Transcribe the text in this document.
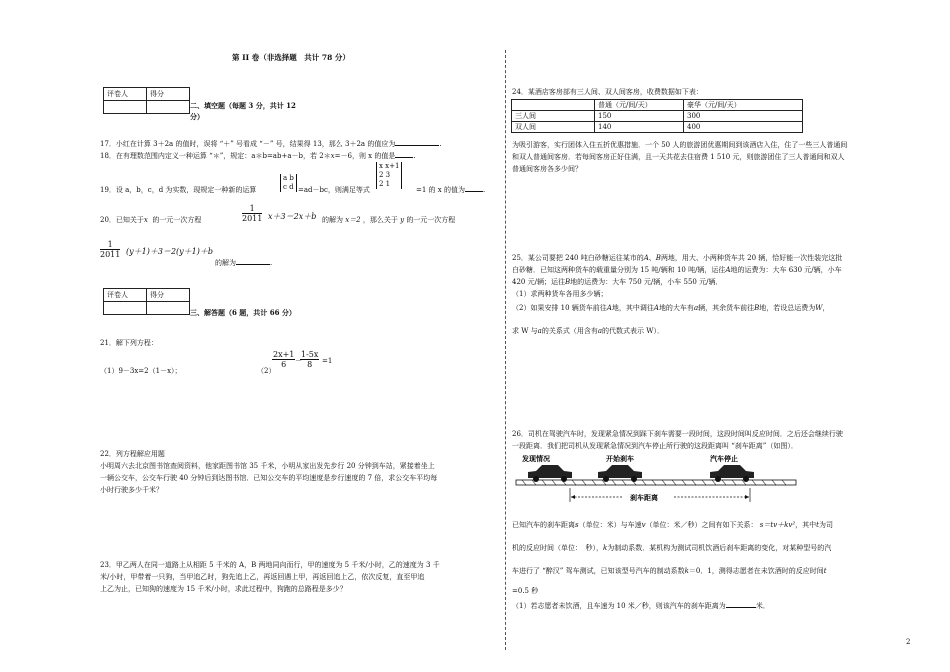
第 II 卷（非选择题　共计 78 分）
评卷人	得分

二、填空题（每题 3 分，共计 12
分）
17．小红在计算 3＋2a 的值时，误将 “＋” 号看成 “－” 号，结果得 13，那么 3＋2a 的值应为	.
18．在有理数范围内定义一种运算 “＊”，规定：a＊b=ab+a－b，若 2＊x=－6，则 x 的值是	.
19．设 a，b，c，d 为实数，现规定一种新的运算
a b
c d =ad－bc，则满足等式
x x+1
2 3
2 1
=1 的 x 的值为	.
20．已知关于x 的一元一次方程	$\frac{1}{2011} x+3=2x+b$ 的解为 x＝2 ，那么关于 y 的一元一次方程
$\frac{1}{2011} (y+1)+3=2(y+1)+b$
的解为	.
评卷人	得分

三、解答题（6 题，共计 66 分）
21．解下列方程：
（1）9－3x=2（1－x）；	（2）
$\frac{2x+1}{6}$ －
$\frac{1-5x}{8} =1$
22．列方程解应用题
小明周六去北京图书馆查阅资料，他家距图书馆 35 千米，小明从家出发先步行 20 分钟到车站，紧接着坐上
一辆公交车，公交车行驶 40 分钟后到达图书馆．已知公交车的平均速度是步行速度的 7 倍，求公交车平均每
小时行驶多少千米？
23．甲乙两人在同一道路上从相距 5 千米的 A，B 两地同向而行，甲的速度为 5 千米/小时，乙的速度为 3 千
米/小时，甲带着一只狗，当甲追乙时，狗先追上乙，再返回遇上甲，再返回追上乙，依次反复，直至甲追
上乙为止，已知狗的速度为 15 千米/小时，求此过程中，狗跑的总路程是多少？
24．某酒店客房部有三人间、双人间客房，收费数据如下表：
	普通（元/间/天）	豪华（元/间/天）
三人间	150	300
双人间	140	400
为吸引游客，实行团体入住五折优惠措施．一个 50 人的旅游团优惠期间到该酒店入住，住了一些三人普通间
和双人普通间客房．若每间客房正好住满，且一天共花去住宿费 1 510 元，则旅游团住了三人普通间和双人
普通间客房各多少间？
25．某公司要把 240 吨白砂糖运往某市的A、B两地，用大、小两种货车共 20 辆，恰好能一次性装完这批
白砂糖．已知这两种货车的载重量分别为 15 吨/辆和 10 吨/辆，运往A地的运费为：大车 630 元/辆，小车
420 元/辆；运往B地的运费为：大车 750 元/辆，小车 550 元/辆．
（1）求两种货车各用多少辆；
（2）如果安排 10 辆货车前往A地，其中调往A地的大车有a辆，其余货车前往B地，若设总运费为W，
求 W 与a的关系式（用含有a的代数式表示 W）．
26．司机在驾驶汽车时，发现紧急情况到踩下刹车需要一段时间，这段时间叫反应时间．之后还会继续行驶
一段距离．我们把司机从发现紧急情况到汽车停止所行驶的这段距离叫 “刹车距离”（如图）．
发现情况	开始刹车	汽车停止
刹车距离
已知汽车的刹车距离s（单位：米）与车速v（单位：米／秒）之间有如下关系： s＝tv＋kv²，其中t为司
机的反应时间（单位：　秒），k为制动系数．某机构为测试司机饮酒后刹车距离的变化，对某种型号的汽
车进行了 “醉汉” 驾车测试，已知该型号汽车的制动系数k＝0．1，测得志愿者在未饮酒时的反应时间t
=0.5 秒
（1）若志愿者未饮酒，且车速为 10 米／秒，则该汽车的刹车距离为	米．
2
